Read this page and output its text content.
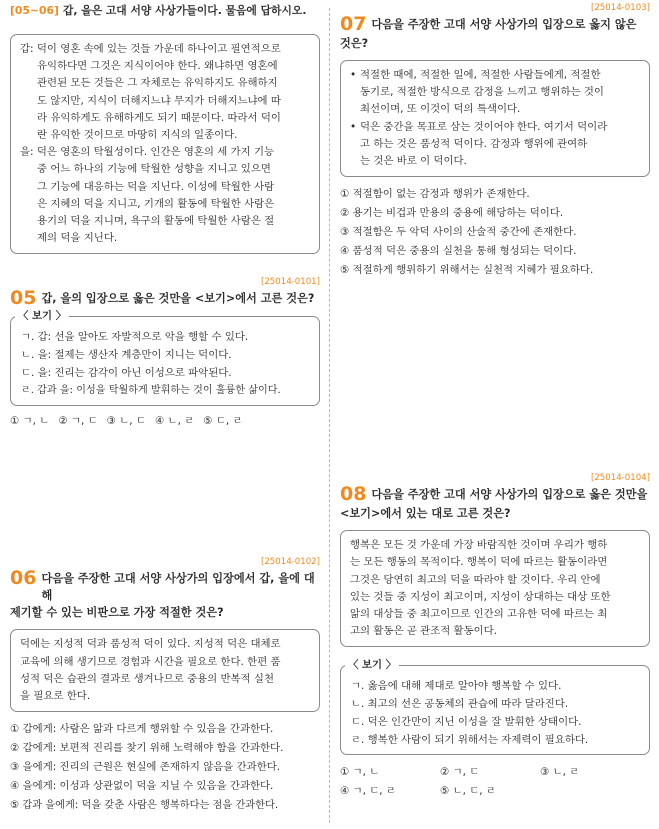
[05~06] 갑, 을은 고대 서양 사상가들이다. 물음에 답하시오.
갑: 덕이 영혼 속에 있는 것들 가운데 하나이고 필연적으로
유익하다면 그것은 지식이어야 한다. 왜냐하면 영혼에
관련된 모든 것들은 그 자체로는 유익하지도 유해하지
도 않지만, 지식이 더해지느냐 무지가 더해지느냐에 따
라 유익하게도 유해하게도 되기 때문이다. 따라서 덕이
란 유익한 것이므로 마땅히 지식의 일종이다.
을: 덕은 영혼의 탁월성이다. 인간은 영혼의 세 가지 기능
중 어느 하나의 기능에 탁월한 성향을 지니고 있으면
그 기능에 대응하는 덕을 지닌다. 이성에 탁월한 사람
은 지혜의 덕을 지니고, 기개의 활동에 탁월한 사람은
용기의 덕을 지니며, 욕구의 활동에 탁월한 사람은 절
제의 덕을 지닌다.
[25014-0101]
05 갑, 을의 입장으로 옳은 것만을 <보기>에서 고른 것은?
〈 보기 〉
ㄱ. 갑: 선을 알아도 자발적으로 악을 행할 수 있다.
ㄴ. 을: 절제는 생산자 계층만이 지니는 덕이다.
ㄷ. 을: 진리는 감각이 아닌 이성으로 파악된다.
ㄹ. 갑과 을: 이성을 탁월하게 발휘하는 것이 훌륭한 삶이다.
① ㄱ, ㄴ ② ㄱ, ㄷ ③ ㄴ, ㄷ ④ ㄴ, ㄹ ⑤ ㄷ, ㄹ
[25014-0102]
06 다음을 주장한 고대 서양 사상가의 입장에서 갑, 을에 대해
제기할 수 있는 비판으로 가장 적절한 것은?
덕에는 지성적 덕과 품성적 덕이 있다. 지성적 덕은 대체로
교육에 의해 생기므로 경험과 시간을 필요로 한다. 한편 품
성적 덕은 습관의 결과로 생겨나므로 중용의 반복적 실천
을 필요로 한다.
① 갑에게: 사람은 앎과 다르게 행위할 수 있음을 간과한다.
② 갑에게: 보편적 진리를 찾기 위해 노력해야 함을 간과한다.
③ 을에게: 진리의 근원은 현실에 존재하지 않음을 간과한다.
④ 을에게: 이성과 상관없이 덕을 지닐 수 있음을 간과한다.
⑤ 갑과 을에게: 덕을 갖춘 사람은 행복하다는 점을 간과한다.
[25014-0103]
07 다음을 주장한 고대 서양 사상가의 입장으로 옳지 않은
것은?
• 적절한 때에, 적절한 일에, 적절한 사람들에게, 적절한
동기로, 적절한 방식으로 감정을 느끼고 행위하는 것이
최선이며, 또 이것이 덕의 특색이다.
• 덕은 중간을 목표로 삼는 것이어야 한다. 여기서 덕이라
고 하는 것은 품성적 덕이다. 감정과 행위에 관여하
는 것은 바로 이 덕이다.
① 적절함이 없는 감정과 행위가 존재한다.
② 용기는 비겁과 만용의 중용에 해당하는 덕이다.
③ 적절함은 두 악덕 사이의 산술적 중간에 존재한다.
④ 품성적 덕은 중용의 실천을 통해 형성되는 덕이다.
⑤ 적절하게 행위하기 위해서는 실천적 지혜가 필요하다.
[25014-0104]
08 다음을 주장한 고대 서양 사상가의 입장으로 옳은 것만을
<보기>에서 있는 대로 고른 것은?
행복은 모든 것 가운데 가장 바람직한 것이며 우리가 행하
는 모든 행동의 목적이다. 행복이 덕에 따르는 활동이라면
그것은 당연히 최고의 덕을 따라야 할 것이다. 우리 안에
있는 것들 중 지성이 최고이며, 지성이 상대하는 대상 또한
앎의 대상들 중 최고이므로 인간의 고유한 덕에 따르는 최
고의 활동은 곧 관조적 활동이다.
〈 보기 〉
ㄱ. 옳음에 대해 제대로 알아야 행복할 수 있다.
ㄴ. 최고의 선은 공동체의 관습에 따라 달라진다.
ㄷ. 덕은 인간만이 지닌 이성을 잘 발휘한 상태이다.
ㄹ. 행복한 사람이 되기 위해서는 자제력이 필요하다.
① ㄱ, ㄴ	② ㄱ, ㄷ	③ ㄴ, ㄹ
④ ㄱ, ㄷ, ㄹ	⑤ ㄴ, ㄷ, ㄹ
